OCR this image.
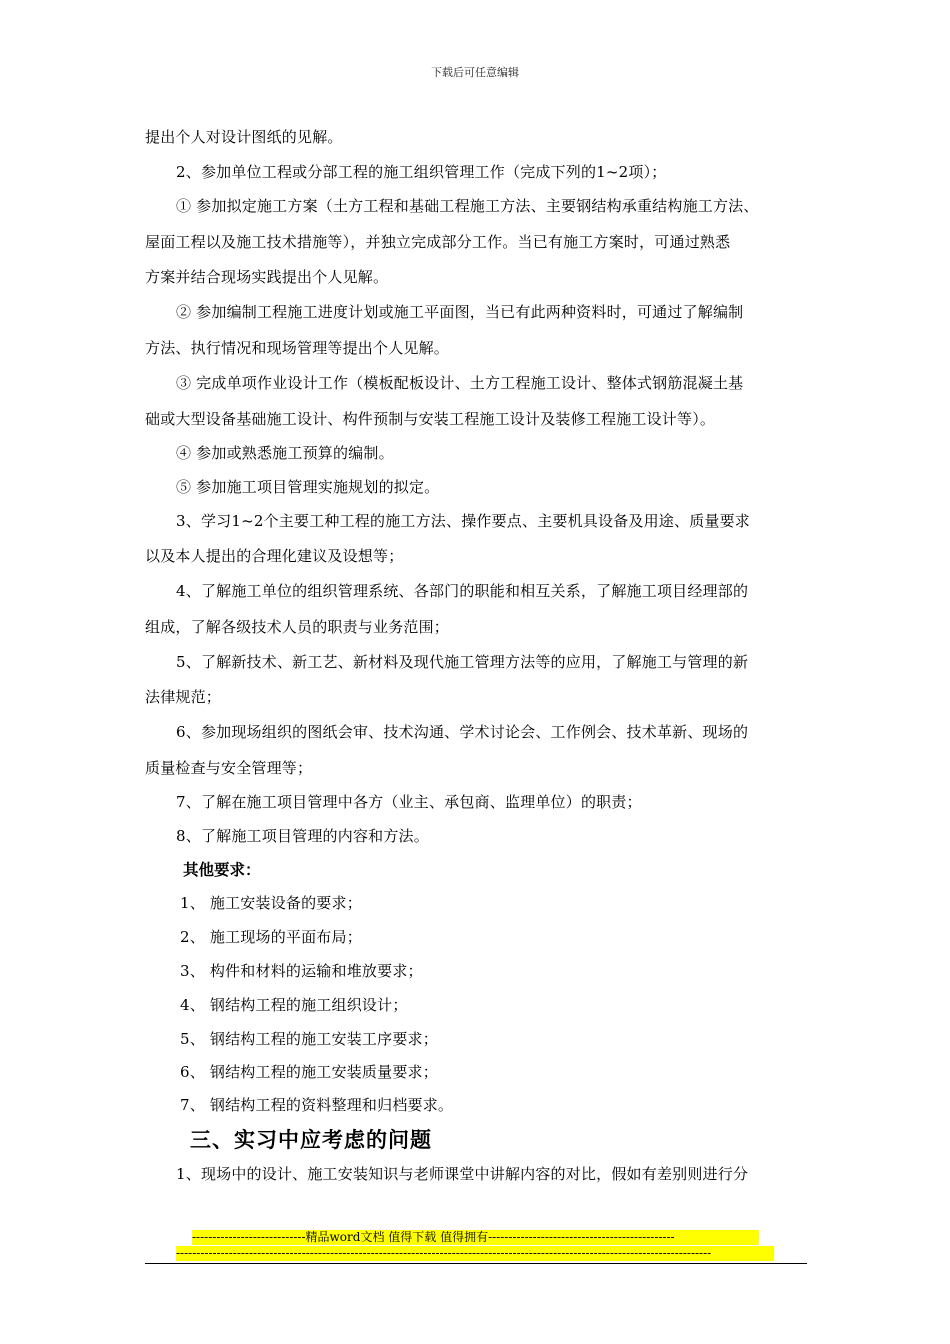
下载后可任意编辑
提出个人对设计图纸的见解。
2、参加单位工程或分部工程的施工组织管理工作（完成下列的1~2项）；
① 参加拟定施工方案（土方工程和基础工程施工方法、主要钢结构承重结构施工方法、
屋面工程以及施工技术措施等），并独立完成部分工作。当已有施工方案时，可通过熟悉
方案并结合现场实践提出个人见解。
② 参加编制工程施工进度计划或施工平面图，当已有此两种资料时，可通过了解编制
方法、执行情况和现场管理等提出个人见解。
③ 完成单项作业设计工作（模板配板设计、土方工程施工设计、整体式钢筋混凝土基
础或大型设备基础施工设计、构件预制与安装工程施工设计及装修工程施工设计等）。
④ 参加或熟悉施工预算的编制。
⑤ 参加施工项目管理实施规划的拟定。
3、学习1~2个主要工种工程的施工方法、操作要点、主要机具设备及用途、质量要求
以及本人提出的合理化建议及设想等；
4、了解施工单位的组织管理系统、各部门的职能和相互关系，了解施工项目经理部的
组成，了解各级技术人员的职责与业务范围；
5、了解新技术、新工艺、新材料及现代施工管理方法等的应用，了解施工与管理的新
法律规范；
6、参加现场组织的图纸会审、技术沟通、学术讨论会、工作例会、技术革新、现场的
质量检查与安全管理等；
7、了解在施工项目管理中各方（业主、承包商、监理单位）的职责；
8、了解施工项目管理的内容和方法。
其他要求：
1、 施工安装设备的要求；
2、 施工现场的平面布局；
3、 构件和材料的运输和堆放要求；
4、 钢结构工程的施工组织设计；
5、 钢结构工程的施工安装工序要求；
6、 钢结构工程的施工安装质量要求；
7、 钢结构工程的资料整理和归档要求。
三、实习中应考虑的问题
1、现场中的设计、施工安装知识与老师课堂中讲解内容的对比，假如有差别则进行分
----------------------------精品word文档 值得下载 值得拥有----------------------------------------------
------------------------------------------------------------------------------------------------------------------------------------
